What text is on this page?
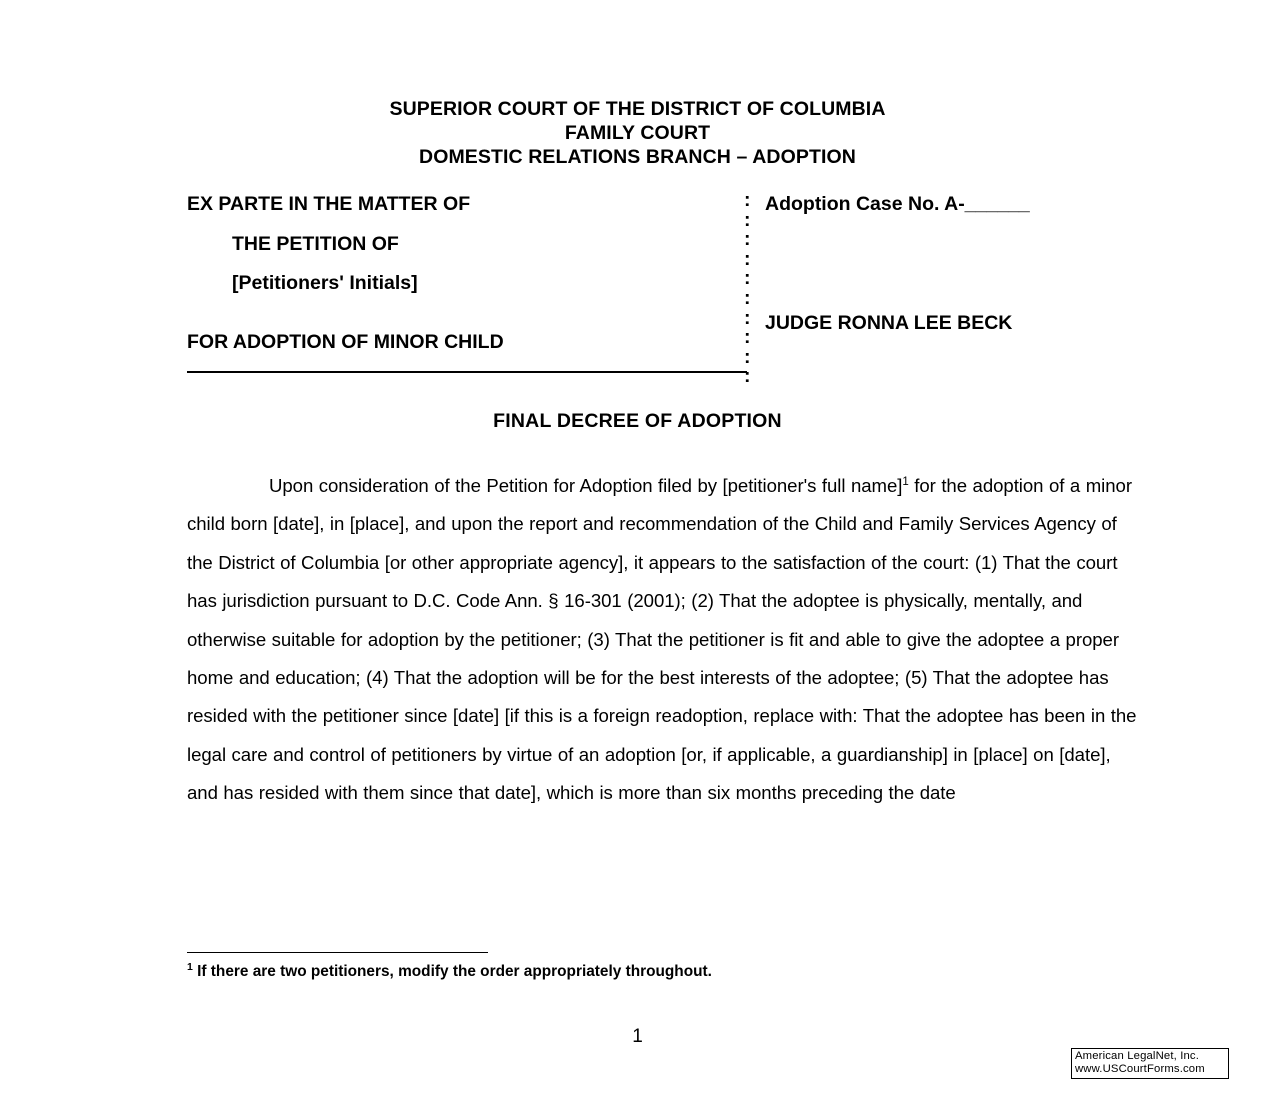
SUPERIOR COURT OF THE DISTRICT OF COLUMBIA
FAMILY COURT
DOMESTIC RELATIONS BRANCH – ADOPTION
EX PARTE IN THE MATTER OF
THE PETITION OF
[Petitioners' Initials]
FOR ADOPTION OF MINOR CHILD
:
:
:
:
:
:
:
:
:
:
Adoption Case No. A-______
JUDGE RONNA LEE BECK
FINAL DECREE OF ADOPTION

Upon consideration of the Petition for Adoption filed by [petitioner's full name]$^1$ for the adoption of a minor child born [date], in [place], and upon the report and recommendation of the Child and Family Services Agency of the District of Columbia [or other appropriate agency], it appears to the satisfaction of the court: (1) That the court has jurisdiction pursuant to D.C. Code Ann. § 16-301 (2001); (2) That the adoptee is physically, mentally, and otherwise suitable for adoption by the petitioner; (3) That the petitioner is fit and able to give the adoptee a proper home and education; (4) That the adoption will be for the best interests of the adoptee; (5) That the adoptee has resided with the petitioner since [date] [if this is a foreign readoption, replace with: That the adoptee has been in the legal care and control of petitioners by virtue of an adoption [or, if applicable, a guardianship] in [place] on [date], and has resided with them since that date], which is more than six months preceding the date

$^1$ If there are two petitioners, modify the order appropriately throughout.
1
American LegalNet, Inc.
www.USCourtForms.com
